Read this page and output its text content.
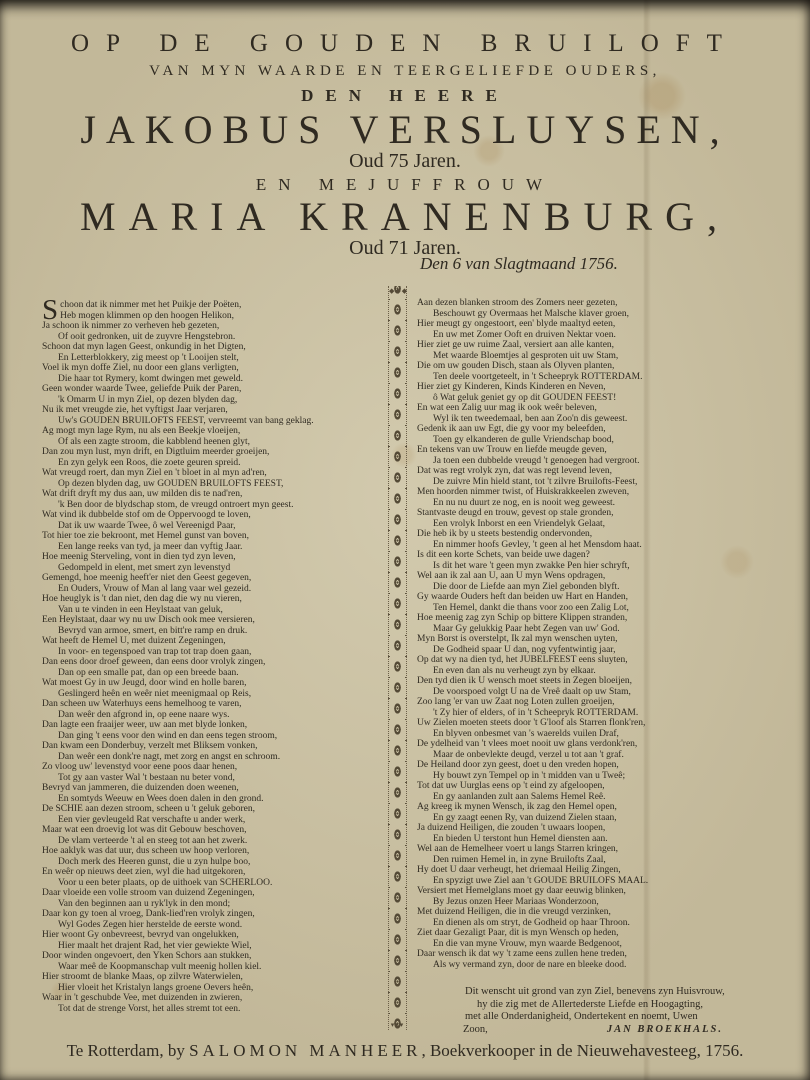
OP DE GOUDEN BRUILOFT
VAN MYN WAARDE EN TEERGELIEFDE OUDERS,
DEN HEERE
JAKOBUS VERSLUYSEN,
Oud 75 Jaren.
EN MEJUFFROUW
MARIA KRANENBURG,
Oud 71 Jaren.
Den 6 van Slagtmaand 1756.
Schoon dat ik nimmer met het Puikje der Poëten,
Heb mogen klimmen op den hoogen Helikon,
Ja schoon ik nimmer zo verheven heb gezeten,
Of ooit gedronken, uit de zuyvre Hengstebron.
Schoon dat myn lagen Geest, onkundig in het Digten,
En Letterblokkery, zig meest op 't Looijen stelt,
Voel ik myn doffe Ziel, nu door een glans verligten,
Die haar tot Rymery, komt dwingen met geweld.
Geen wonder waarde Twee, geliefde Puik der Paren,
'k Omarm U in myn Ziel, op dezen blyden dag,
Nu ik met vreugde zie, het vyftigst Jaar verjaren,
Uw's GOUDEN BRUILOFTS FEEST, vervreemt van bang geklag.
Ag mogt myn lage Rym, nu als een Beekje vloeijen,
Of als een zagte stroom, die kabblend heenen glyt,
Dan zou myn lust, myn drift, en Digtluim meerder groeijen,
En zyn gelyk een Roos, die zoete geuren spreid.
Wat vreugd roert, dan myn Ziel en 't bloet in al myn ad'ren,
Op dezen blyden dag, uw GOUDEN BRUILOFTS FEEST,
Wat drift dryft my dus aan, uw milden dis te nad'ren,
'k Ben door de blydschap stom, de vreugd ontroert myn geest.
Wat vind ik dubbelde stof om de Oppervoogd te loven,
Dat ik uw waarde Twee, ô wel Vereenigd Paar,
Tot hier toe zie bekroont, met Hemel gunst van boven,
Een lange reeks van tyd, ja meer dan vyftig Jaar.
Hoe meenig Sterveling, vont in dien tyd zyn leven,
Gedompeld in elent, met smert zyn levenstyd
Gemengd, hoe meenig heeft'er niet den Geest gegeven,
En Ouders, Vrouw of Man al lang vaar wel gezeid.
Hoe heuglyk is 't dan niet, den dag die wy nu vieren,
Van u te vinden in een Heylstaat van geluk,
Een Heylstaat, daar wy nu uw Disch ook mee versieren,
Bevryd van armoe, smert, en bitt're ramp en druk.
Wat heeft de Hemel U, met duizent Zegeningen,
In voor- en tegenspoed van trap tot trap doen gaan,
Dan eens door droef geween, dan eens door vrolyk zingen,
Dan op een smalle pat, dan op een breede baan.
Wat moest Gy in uw Jeugd, door wind en holle baren,
Geslingerd heên en weêr niet meenigmaal op Reis,
Dan scheen uw Waterhuys eens hemelhoog te varen,
Dan weêr den afgrond in, op eene naare wys.
Dan lagte een fraaijer weer, uw aan met blyde lonken,
Dan ging 't eens voor den wind en dan eens tegen stroom,
Dan kwam een Donderbuy, verzelt met Bliksem vonken,
Dan weêr een donk're nagt, met zorg en angst en schroom.
Zo vloog uw' levenstyd voor eene poos daar henen,
Tot gy aan vaster Wal 't bestaan nu beter vond,
Bevryd van jammeren, die duizenden doen weenen,
En somtyds Weeuw en Wees doen dalen in den grond.
De SCHIE aan dezen stroom, scheen u 't geluk geboren,
Een vier gevleugeld Rat verschafte u ander werk,
Maar wat een droevig lot was dit Gebouw beschoven,
De vlam verteerde 't al en steeg tot aan het zwerk.
Hoe aaklyk was dat uur, dus scheen uw hoop verloren,
Doch merk des Heeren gunst, die u zyn hulpe boo,
En weêr op nieuws deet zien, wyl die had uitgekoren,
Voor u een beter plaats, op de uithoek van SCHERLOO.
Daar vloeide een volle stroom van duizend Zegeningen,
Van den beginnen aan u ryk'lyk in den mond;
Daar kon gy toen al vroeg, Dank-lied'ren vrolyk zingen,
Wyl Godes Zegen hier herstelde de eerste wond.
Hier woont Gy onbevreest, bevryd van ongelukken,
Hier maalt het drajent Rad, het vier gewiekte Wiel,
Door winden ongevoert, den Yken Schors aan stukken,
Waar meê de Koopmanschap vult meenig hollen kiel.
Hier stroomt de blanke Maas, op zilvre Waterwielen,
Hier vloeit het Kristalyn langs groene Oevers heên,
Waar in 't geschubde Vee, met duizenden in zwieren,
Tot dat de strenge Vorst, het alles stremt tot een.
◆◆◆
▾▾▾
Aan dezen blanken stroom des Zomers neer gezeten,
Beschouwt gy Overmaas het Malsche klaver groen,
Hier meugt gy ongestoort, een' blyde maaltyd eeten,
En uw met Zomer Ooft en druiven Nektar voen.
Hier ziet ge uw ruime Zaal, versiert aan alle kanten,
Met waarde Bloemtjes al gesproten uit uw Stam,
Die om uw gouden Disch, staan als Olyven planten,
Ten deele voortgeteelt, in 't Scheepryk ROTTERDAM.
Hier ziet gy Kinderen, Kinds Kinderen en Neven,
ô Wat geluk geniet gy op dit GOUDEN FEEST!
En wat een Zalig uur mag ik ook weêr beleven,
Wyl ik ten tweedemaal, ben aan Zoo'n dis geweest.
Gedenk ik aan uw Egt, die gy voor my beleefden,
Toen gy elkanderen de gulle Vriendschap bood,
En tekens van uw Trouw en liefde meugde geven,
Ja toen een dubbelde vreugd 't genoegen had vergroot.
Dat was regt vrolyk zyn, dat was regt levend leven,
De zuivre Min hield stant, tot 't zilvre Bruilofts-Feest,
Men hoorden nimmer twist, of Huiskrakkeelen zweven,
En nu nu duurt ze nog, en is nooit weg geweest.
Stantvaste deugd en trouw, gevest op stale gronden,
Een vrolyk Inborst en een Vriendelyk Gelaat,
Die heb ik by u steets bestendig ondervonden,
En nimmer hoofs Gevley, 't geen al het Mensdom haat.
Is dit een korte Schets, van beide uwe dagen?
Is dit het ware 't geen myn zwakke Pen hier schryft,
Wel aan ik zal aan U, aan U myn Wens opdragen,
Die door de Liefde aan myn Ziel gebonden blyft.
Gy waarde Ouders heft dan beiden uw Hart en Handen,
Ten Hemel, dankt die thans voor zoo een Zalig Lot,
Hoe meenig zag zyn Schip op bittere Klippen stranden,
Maar Gy gelukkig Paar hebt Zegen van uw' God.
Myn Borst is overstelpt, Ik zal myn wenschen uyten,
De Godheid spaar U dan, nog vyfentwintig jaar,
Op dat wy na dien tyd, het JUBELFEEST eens sluyten,
En even dan als nu verheugt zyn by elkaar.
Den tyd dien ik U wensch moet steets in Zegen bloeijen,
De voorspoed volgt U na de Vreê daalt op uw Stam,
Zoo lang 'er van uw Zaat nog Loten zullen groeijen,
't Zy hier of elders, of in 't Scheepryk ROTTERDAM.
Uw Zielen moeten steets door 't G'loof als Starren flonk'ren,
En blyven onbesmet van 's waerelds vuilen Draf,
De ydelheid van 't vlees moet nooit uw glans verdonk'ren,
Maar de onbevlekte deugd, verzel u tot aan 't graf.
De Heiland door zyn geest, doet u den vreden hopen,
Hy bouwt zyn Tempel op in 't midden van u Tweê;
Tot dat uw Uurglas eens op 't eind zy afgeloopen,
En gy aanlanden zult aan Salems Hemel Reê.
Ag kreeg ik mynen Wensch, ik zag den Hemel open,
En gy zaagt eenen Ry, van duizend Zielen staan,
Ja duizend Heiligen, die zouden 't uwaars loopen,
En bieden U terstont hun Hemel diensten aan.
Wel aan de Hemelheer voert u langs Starren kringen,
Den ruimen Hemel in, in zyne Bruilofts Zaal,
Hy doet U daar verheugt, het driemaal Heilig Zingen,
En spyzigt uwe Ziel aan 't GOUDE BRUILOFS MAAL.
Versiert met Hemelglans moet gy daar eeuwig blinken,
By Jezus onzen Heer Mariaas Wonderzoon,
Met duizend Heiligen, die in die vreugd verzinken,
En dienen als om stryt, de Godheid op haar Throon.
Ziet daar Gezaligt Paar, dit is myn Wensch op heden,
En die van myne Vrouw, myn waarde Bedgenoot,
Daar wensch ik dat wy 't zame eens zullen hene treden,
Als wy vermand zyn, door de nare en bleeke dood.
Dit wenscht uit grond van zyn Ziel, benevens zyn Huisvrouw,
hy die zig met de Allertederste Liefde en Hoogagting,
met alle Onderdanigheid, Ondertekent en noemt, Uwen
Zoon,	JAN BROEKHALS.
Te Rotterdam, by SALOMON MANHEER, Boekverkooper in de Nieuwehavesteeg, 1756.
